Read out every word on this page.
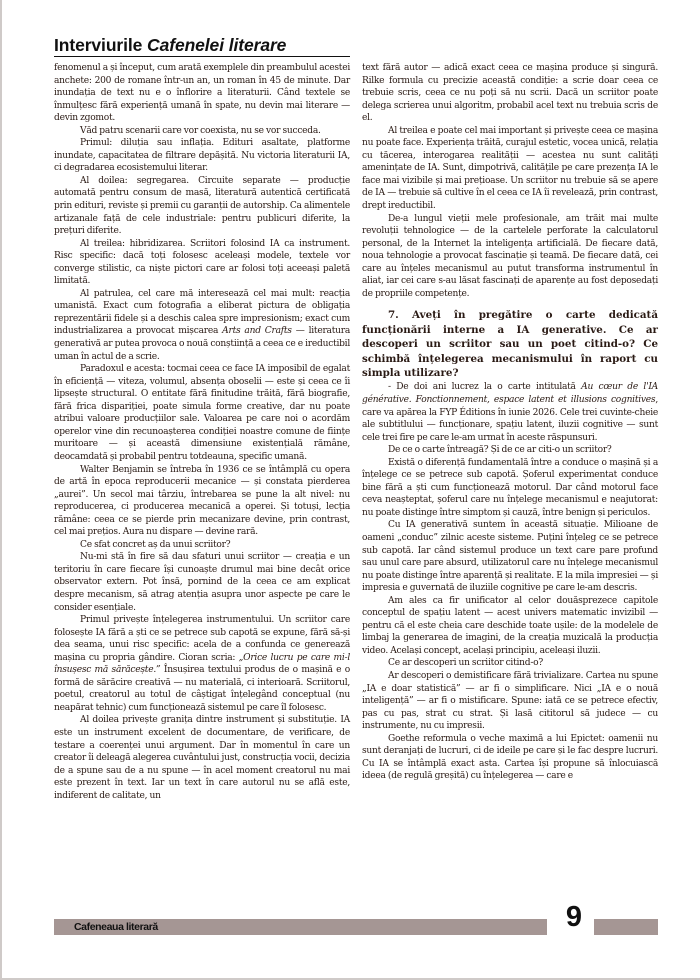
Interviurile Cafenelei literare

fenomenul a și început, cum arată exemplele din preambulul acestei anchete: 200 de romane într-un an, un roman în 45 de minute. Dar inundația de text nu e o înflorire a literaturii. Când textele se înmulțesc fără experiență umană în spate, nu devin mai literare — devin zgomot.

Văd patru scenarii care vor coexista, nu se vor succeda.

Primul: diluția sau inflația. Edituri asaltate, platforme inundate, capacitatea de filtrare depășită. Nu victoria literaturii IA, ci degradarea ecosistemului literar.

Al doilea: segregarea. Circuite separate — producție automată pentru consum de masă, literatură autentică certificată prin edituri, reviste și premii cu garanții de autorship. Ca alimentele artizanale față de cele industriale: pentru publicuri diferite, la prețuri diferite.

Al treilea: hibridizarea. Scriitori folosind IA ca instrument. Risc specific: dacă toți folosesc aceleași modele, textele vor converge stilistic, ca niște pictori care ar folosi toți aceeași paletă limitată.

Al patrulea, cel care mă interesează cel mai mult: reacția umanistă. Exact cum fotografia a eliberat pictura de obligația reprezentării fidele și a deschis calea spre impresionism; exact cum industrializarea a provocat mișcarea Arts and Crafts — literatura generativă ar putea provoca o nouă conștiință a ceea ce e ireductibil uman în actul de a scrie.

Paradoxul e acesta: tocmai ceea ce face IA imposibil de egalat în eficiență — viteza, volumul, absența oboselii — este și ceea ce îi lipsește structural. O entitate fără finitudine trăită, fără biografie, fără frica dispariției, poate simula forme creative, dar nu poate atribui valoare producțiilor sale. Valoarea pe care noi o acordăm operelor vine din recunoașterea condiției noastre comune de ființe muritoare — și această dimensiune existențială rămâne, deocamdată și probabil pentru totdeauna, specific umană.

Walter Benjamin se întreba în 1936 ce se întâmplă cu opera de artă în epoca reproducerii mecanice — și constata pierderea „aurei”. Un secol mai târziu, întrebarea se pune la alt nivel: nu reproducerea, ci producerea mecanică a operei. Și totuși, lecția rămâne: ceea ce se pierde prin mecanizare devine, prin contrast, cel mai prețios. Aura nu dispare — devine rară.

Ce sfat concret aș da unui scriitor?

Nu-mi stă în fire să dau sfaturi unui scriitor — creația e un teritoriu în care fiecare își cunoaște drumul mai bine decât orice observator extern. Pot însă, pornind de la ceea ce am explicat despre mecanism, să atrag atenția asupra unor aspecte pe care le consider esențiale.

Primul privește înțelegerea instrumentului. Un scriitor care folosește IA fără a ști ce se petrece sub capotă se expune, fără să-și dea seama, unui risc specific: acela de a confunda ce generează mașina cu propria gândire. Cioran scria: „Orice lucru pe care mi-l însușesc mă sărăcește.” Însușirea textului produs de o mașină e o formă de sărăcire creativă — nu materială, ci interioară. Scriitorul, poetul, creatorul au totul de câștigat înțelegând conceptual (nu neapărat tehnic) cum funcționează sistemul pe care îl folosesc.

Al doilea privește granița dintre instrument și substituție. IA este un instrument excelent de documentare, de verificare, de testare a coerenței unui argument. Dar în momentul în care un creator îi deleagă alegerea cuvântului just, construcția vocii, decizia de a spune sau de a nu spune — în acel moment creatorul nu mai este prezent în text. Iar un text în care autorul nu se află este, indiferent de calitate, un

text fără autor — adică exact ceea ce mașina produce și singură. Rilke formula cu precizie această condiție: a scrie doar ceea ce trebuie scris, ceea ce nu poți să nu scrii. Dacă un scriitor poate delega scrierea unui algoritm, probabil acel text nu trebuia scris de el.

Al treilea e poate cel mai important și privește ceea ce mașina nu poate face. Experiența trăită, curajul estetic, vocea unică, relația cu tăcerea, interogarea realității — acestea nu sunt calități amenințate de IA. Sunt, dimpotrivă, calitățile pe care prezența IA le face mai vizibile și mai prețioase. Un scriitor nu trebuie să se apere de IA — trebuie să cultive în el ceea ce IA îi revelează, prin contrast, drept ireductibil.

De-a lungul vieții mele profesionale, am trăit mai multe revoluții tehnologice — de la cartelele perforate la calculatorul personal, de la Internet la inteligența artificială. De fiecare dată, noua tehnologie a provocat fascinație și teamă. De fiecare dată, cei care au înțeles mecanismul au putut transforma instrumentul în aliat, iar cei care s-au lăsat fascinați de aparențe au fost deposedați de propriile competențe.

7. Aveți în pregătire o carte dedicată funcționării interne a IA generative. Ce ar descoperi un scriitor sau un poet citind-o? Ce schimbă înțelegerea mecanismului în raport cu simpla utilizare?

- De doi ani lucrez la o carte intitulată Au cœur de l'IA générative. Fonctionnement, espace latent et illusions cognitives, care va apărea la FYP Éditions în iunie 2026. Cele trei cuvinte-cheie ale subtitlului — funcționare, spațiu latent, iluzii cognitive — sunt cele trei fire pe care le-am urmat în aceste răspunsuri.

De ce o carte întreagă? Și de ce ar citi-o un scriitor?

Există o diferență fundamentală între a conduce o mașină și a înțelege ce se petrece sub capotă. Șoferul experimentat conduce bine fără a ști cum funcționează motorul. Dar când motorul face ceva neașteptat, șoferul care nu înțelege mecanismul e neajutorat: nu poate distinge între simptom și cauză, între benign și periculos.

Cu IA generativă suntem în această situație. Milioane de oameni „conduc” zilnic aceste sisteme. Puțini înțeleg ce se petrece sub capotă. Iar când sistemul produce un text care pare profund sau unul care pare absurd, utilizatorul care nu înțelege mecanismul nu poate distinge între aparență și realitate. E la mila impresiei — și impresia e guvernată de iluziile cognitive pe care le-am descris.

Am ales ca fir unificator al celor douăsprezece capitole conceptul de spațiu latent — acest univers matematic invizibil — pentru că el este cheia care deschide toate ușile: de la modelele de limbaj la generarea de imagini, de la creația muzicală la producția video. Același concept, același principiu, aceleași iluzii.

Ce ar descoperi un scriitor citind-o?

Ar descoperi o demistificare fără trivializare. Cartea nu spune „IA e doar statistică” — ar fi o simplificare. Nici „IA e o nouă inteligență” — ar fi o mistificare. Spune: iată ce se petrece efectiv, pas cu pas, strat cu strat. Și lasă cititorul să judece — cu instrumente, nu cu impresii.

Goethe reformula o veche maximă a lui Epictet: oamenii nu sunt deranjați de lucruri, ci de ideile pe care și le fac despre lucruri. Cu IA se întâmplă exact asta. Cartea își propune să înlocuiască ideea (de regulă greșită) cu înțelegerea — care e

Cafeneaua literară	9
